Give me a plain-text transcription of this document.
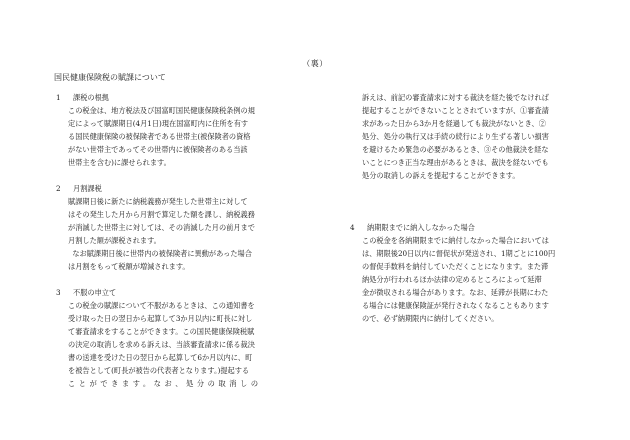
（裏）
国民健康保険税の賦課について
1	課税の根拠

この税金は、地方税法及び国富町国民健康保険税条例の規

定によって賦課期日(4月1日)現在国富町内に住所を有す

る国民健康保険の被保険者である世帯主(被保険者の資格

がない世帯主であってその世帯内に被保険者のある当該

世帯主を含む)に課せられます。

2	月割課税

賦課期日後に新たに納税義務が発生した世帯主に対して

はその発生した月から月割で算定した額を課し、納税義務

が消滅した世帯主に対しては、その消滅した月の前月まで

月割した額が課税されます。

なお賦課期日後に世帯内の被保険者に異動があった場合

は月割をもって税額が増減されます。

3	不服の申立て

この税金の賦課について不服があるときは、この通知書を

受け取った日の翌日から起算して3か月以内に町長に対し

て審査請求をすることができます。この国民健康保険税賦

の決定の取消しを求める訴えは、当該審査請求に係る裁決

書の送達を受けた日の翌日から起算して6か月以内に、町

を被告として(町長が被告の代表者となります。)提起する

ことができます。なお、処分の取消しの

訴えは、前記の審査請求に対する裁決を経た後でなければ

提起することができないこととされていますが、①審査請

求があった日から3か月を経過しても裁決がないとき、②

処分、処分の執行又は手続の続行により生ずる著しい損害

を避けるため緊急の必要があるとき、③その他裁決を経な

いことにつき正当な理由があるときは、裁決を経ないでも

処分の取消しの訴えを提起することができます。

4	納期限までに納入しなかった場合

この税金を各納期限までに納付しなかった場合においては

は、期限後20日以内に督促状が発送され、1期ごとに100円

の督促手数料を納付していただくことになります。また滞

納処分が行われるほか法律の定めるところによって延滞

金が徴収される場合があります。なお、延滞が長期にわた

る場合には健康保険証が発行されなくなることもあります

ので、必ず納期限内に納付してください。
